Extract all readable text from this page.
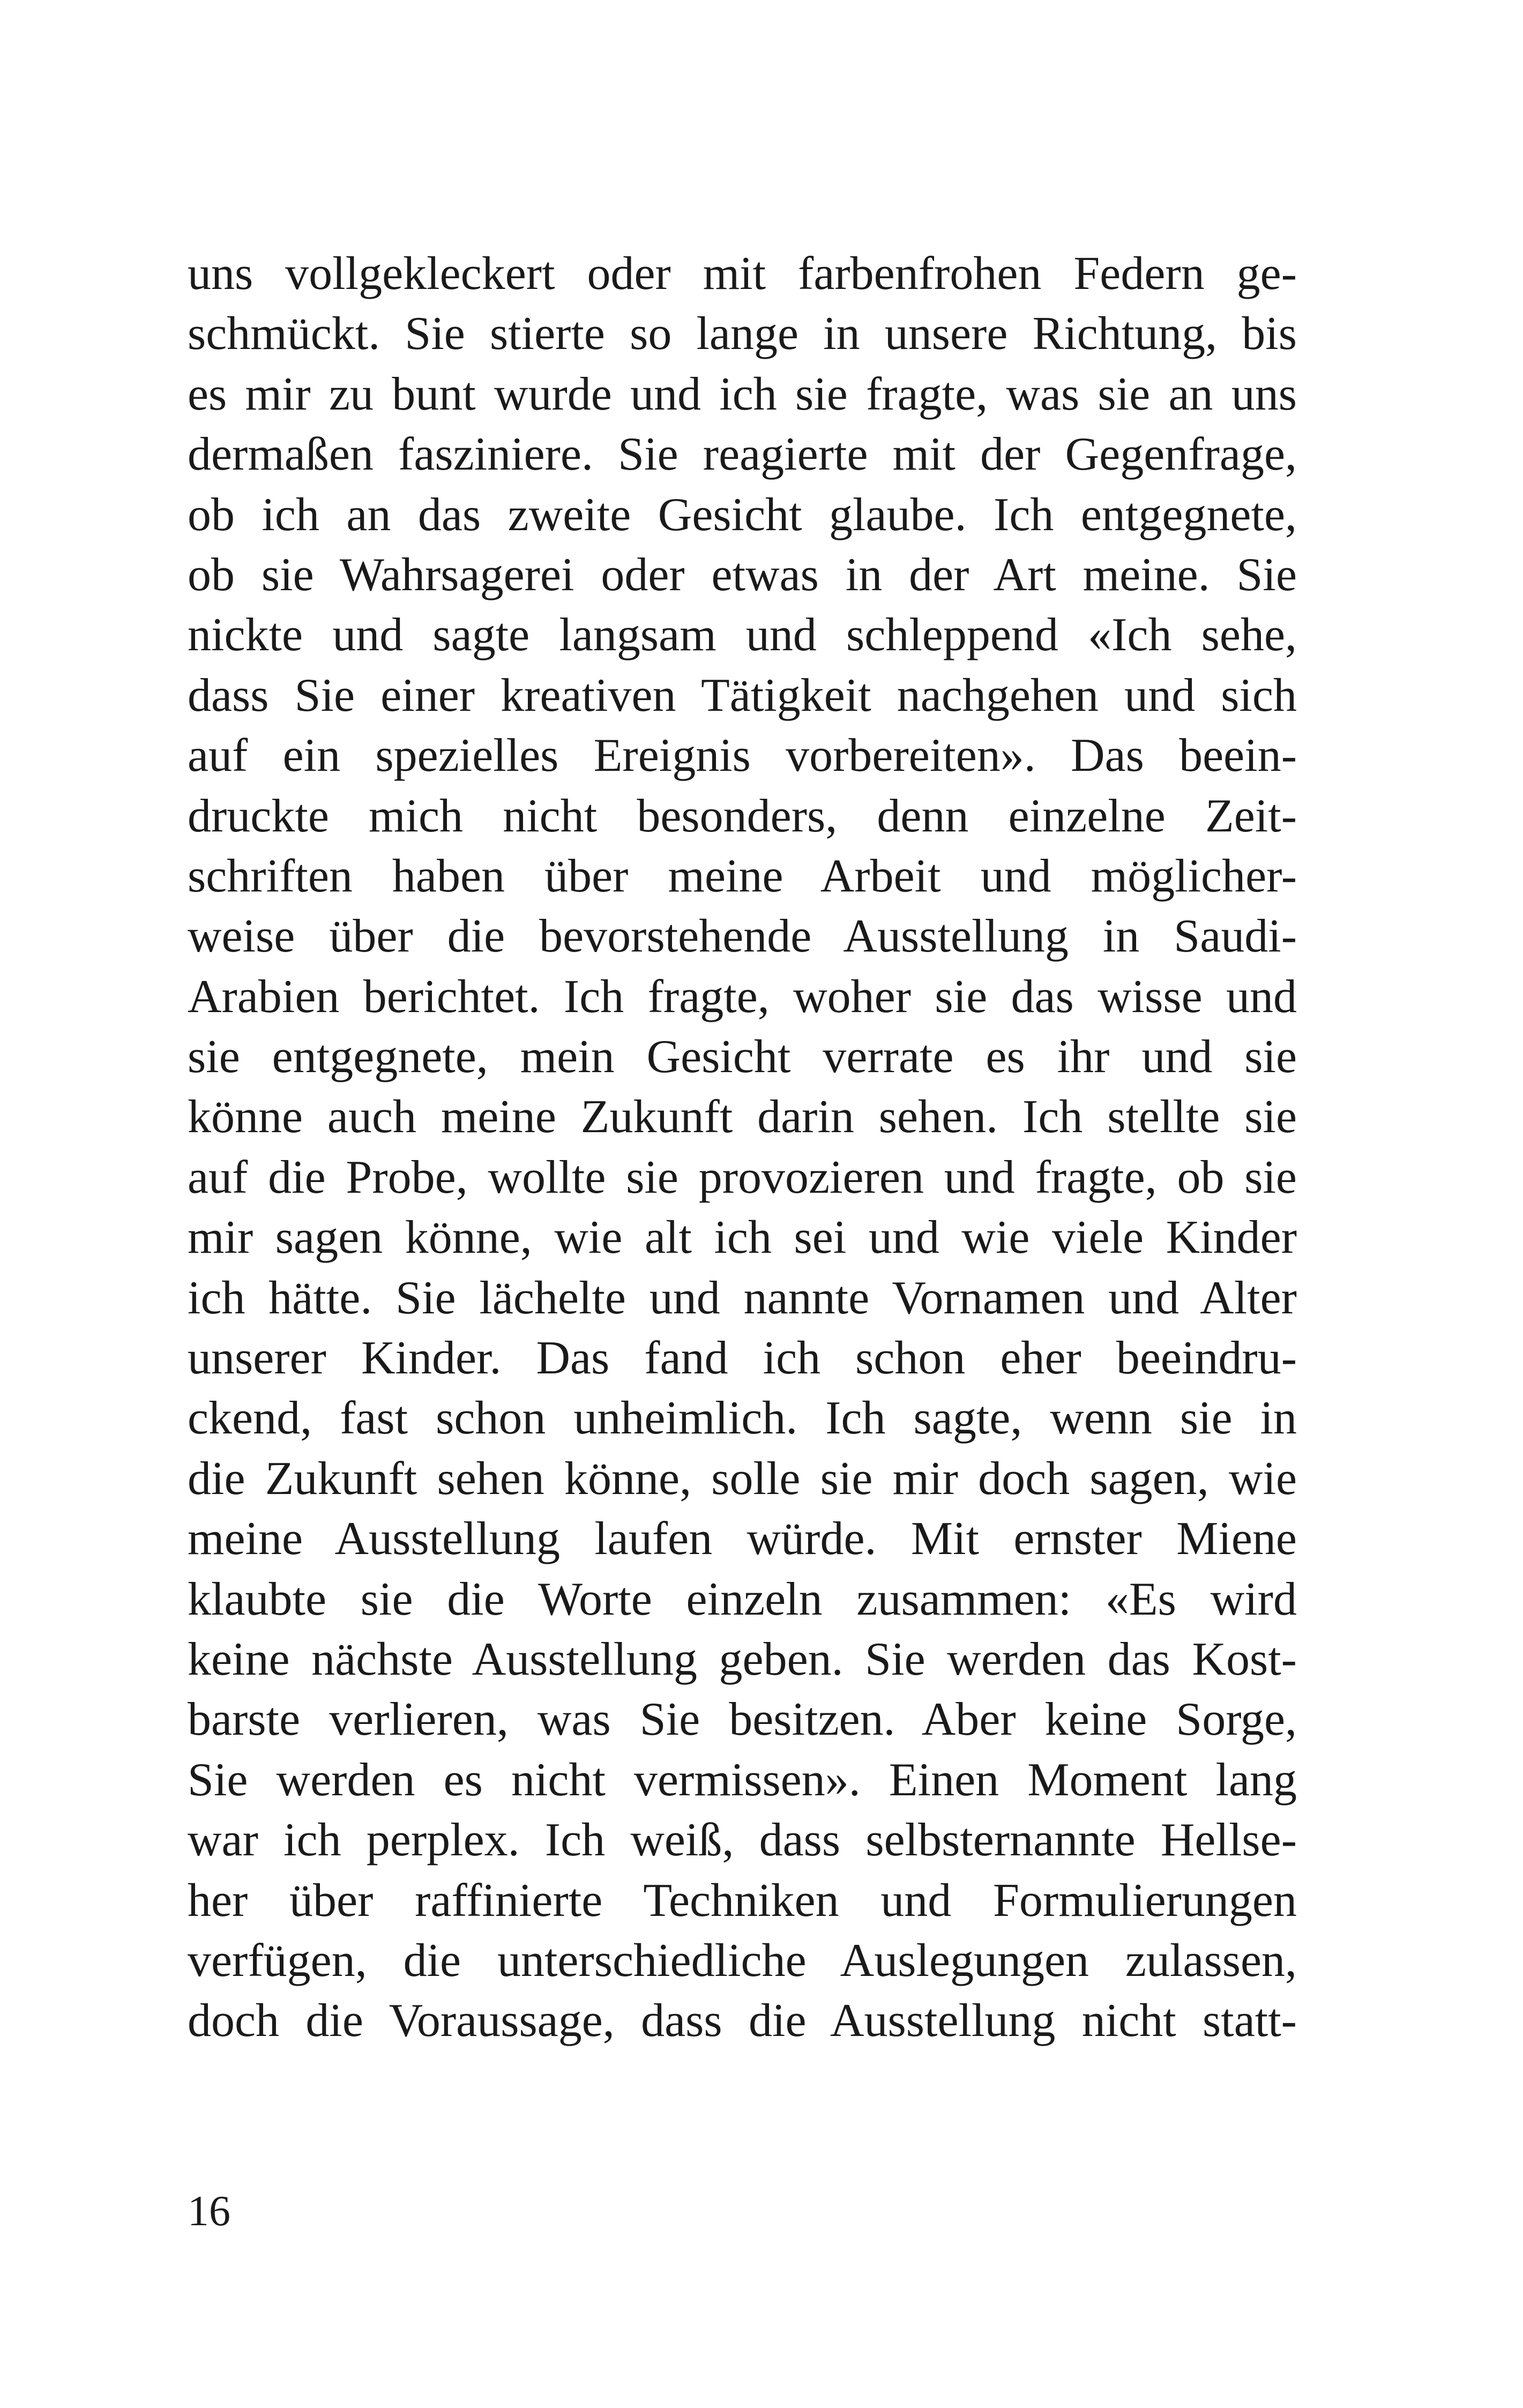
uns vollgekleckert oder mit farbenfrohen Federn ge-
schmückt. Sie stierte so lange in unsere Richtung, bis
es mir zu bunt wurde und ich sie fragte, was sie an uns
dermaßen fasziniere. Sie reagierte mit der Gegenfrage,
ob ich an das zweite Gesicht glaube. Ich entgegnete,
ob sie Wahrsagerei oder etwas in der Art meine. Sie
nickte und sagte langsam und schleppend «Ich sehe,
dass Sie einer kreativen Tätigkeit nachgehen und sich
auf ein spezielles Ereignis vorbereiten». Das beein-
druckte mich nicht besonders, denn einzelne Zeit-
schriften haben über meine Arbeit und möglicher-
weise über die bevorstehende Ausstellung in Saudi-
Arabien berichtet. Ich fragte, woher sie das wisse und
sie entgegnete, mein Gesicht verrate es ihr und sie
könne auch meine Zukunft darin sehen. Ich stellte sie
auf die Probe, wollte sie provozieren und fragte, ob sie
mir sagen könne, wie alt ich sei und wie viele Kinder
ich hätte. Sie lächelte und nannte Vornamen und Alter
unserer Kinder. Das fand ich schon eher beeindru-
ckend, fast schon unheimlich. Ich sagte, wenn sie in
die Zukunft sehen könne, solle sie mir doch sagen, wie
meine Ausstellung laufen würde. Mit ernster Miene
klaubte sie die Worte einzeln zusammen: «Es wird
keine nächste Ausstellung geben. Sie werden das Kost-
barste verlieren, was Sie besitzen. Aber keine Sorge,
Sie werden es nicht vermissen». Einen Moment lang
war ich perplex. Ich weiß, dass selbsternannte Hellse-
her über raffinierte Techniken und Formulierungen
verfügen, die unterschiedliche Auslegungen zulassen,
doch die Voraussage, dass die Ausstellung nicht statt-
16
